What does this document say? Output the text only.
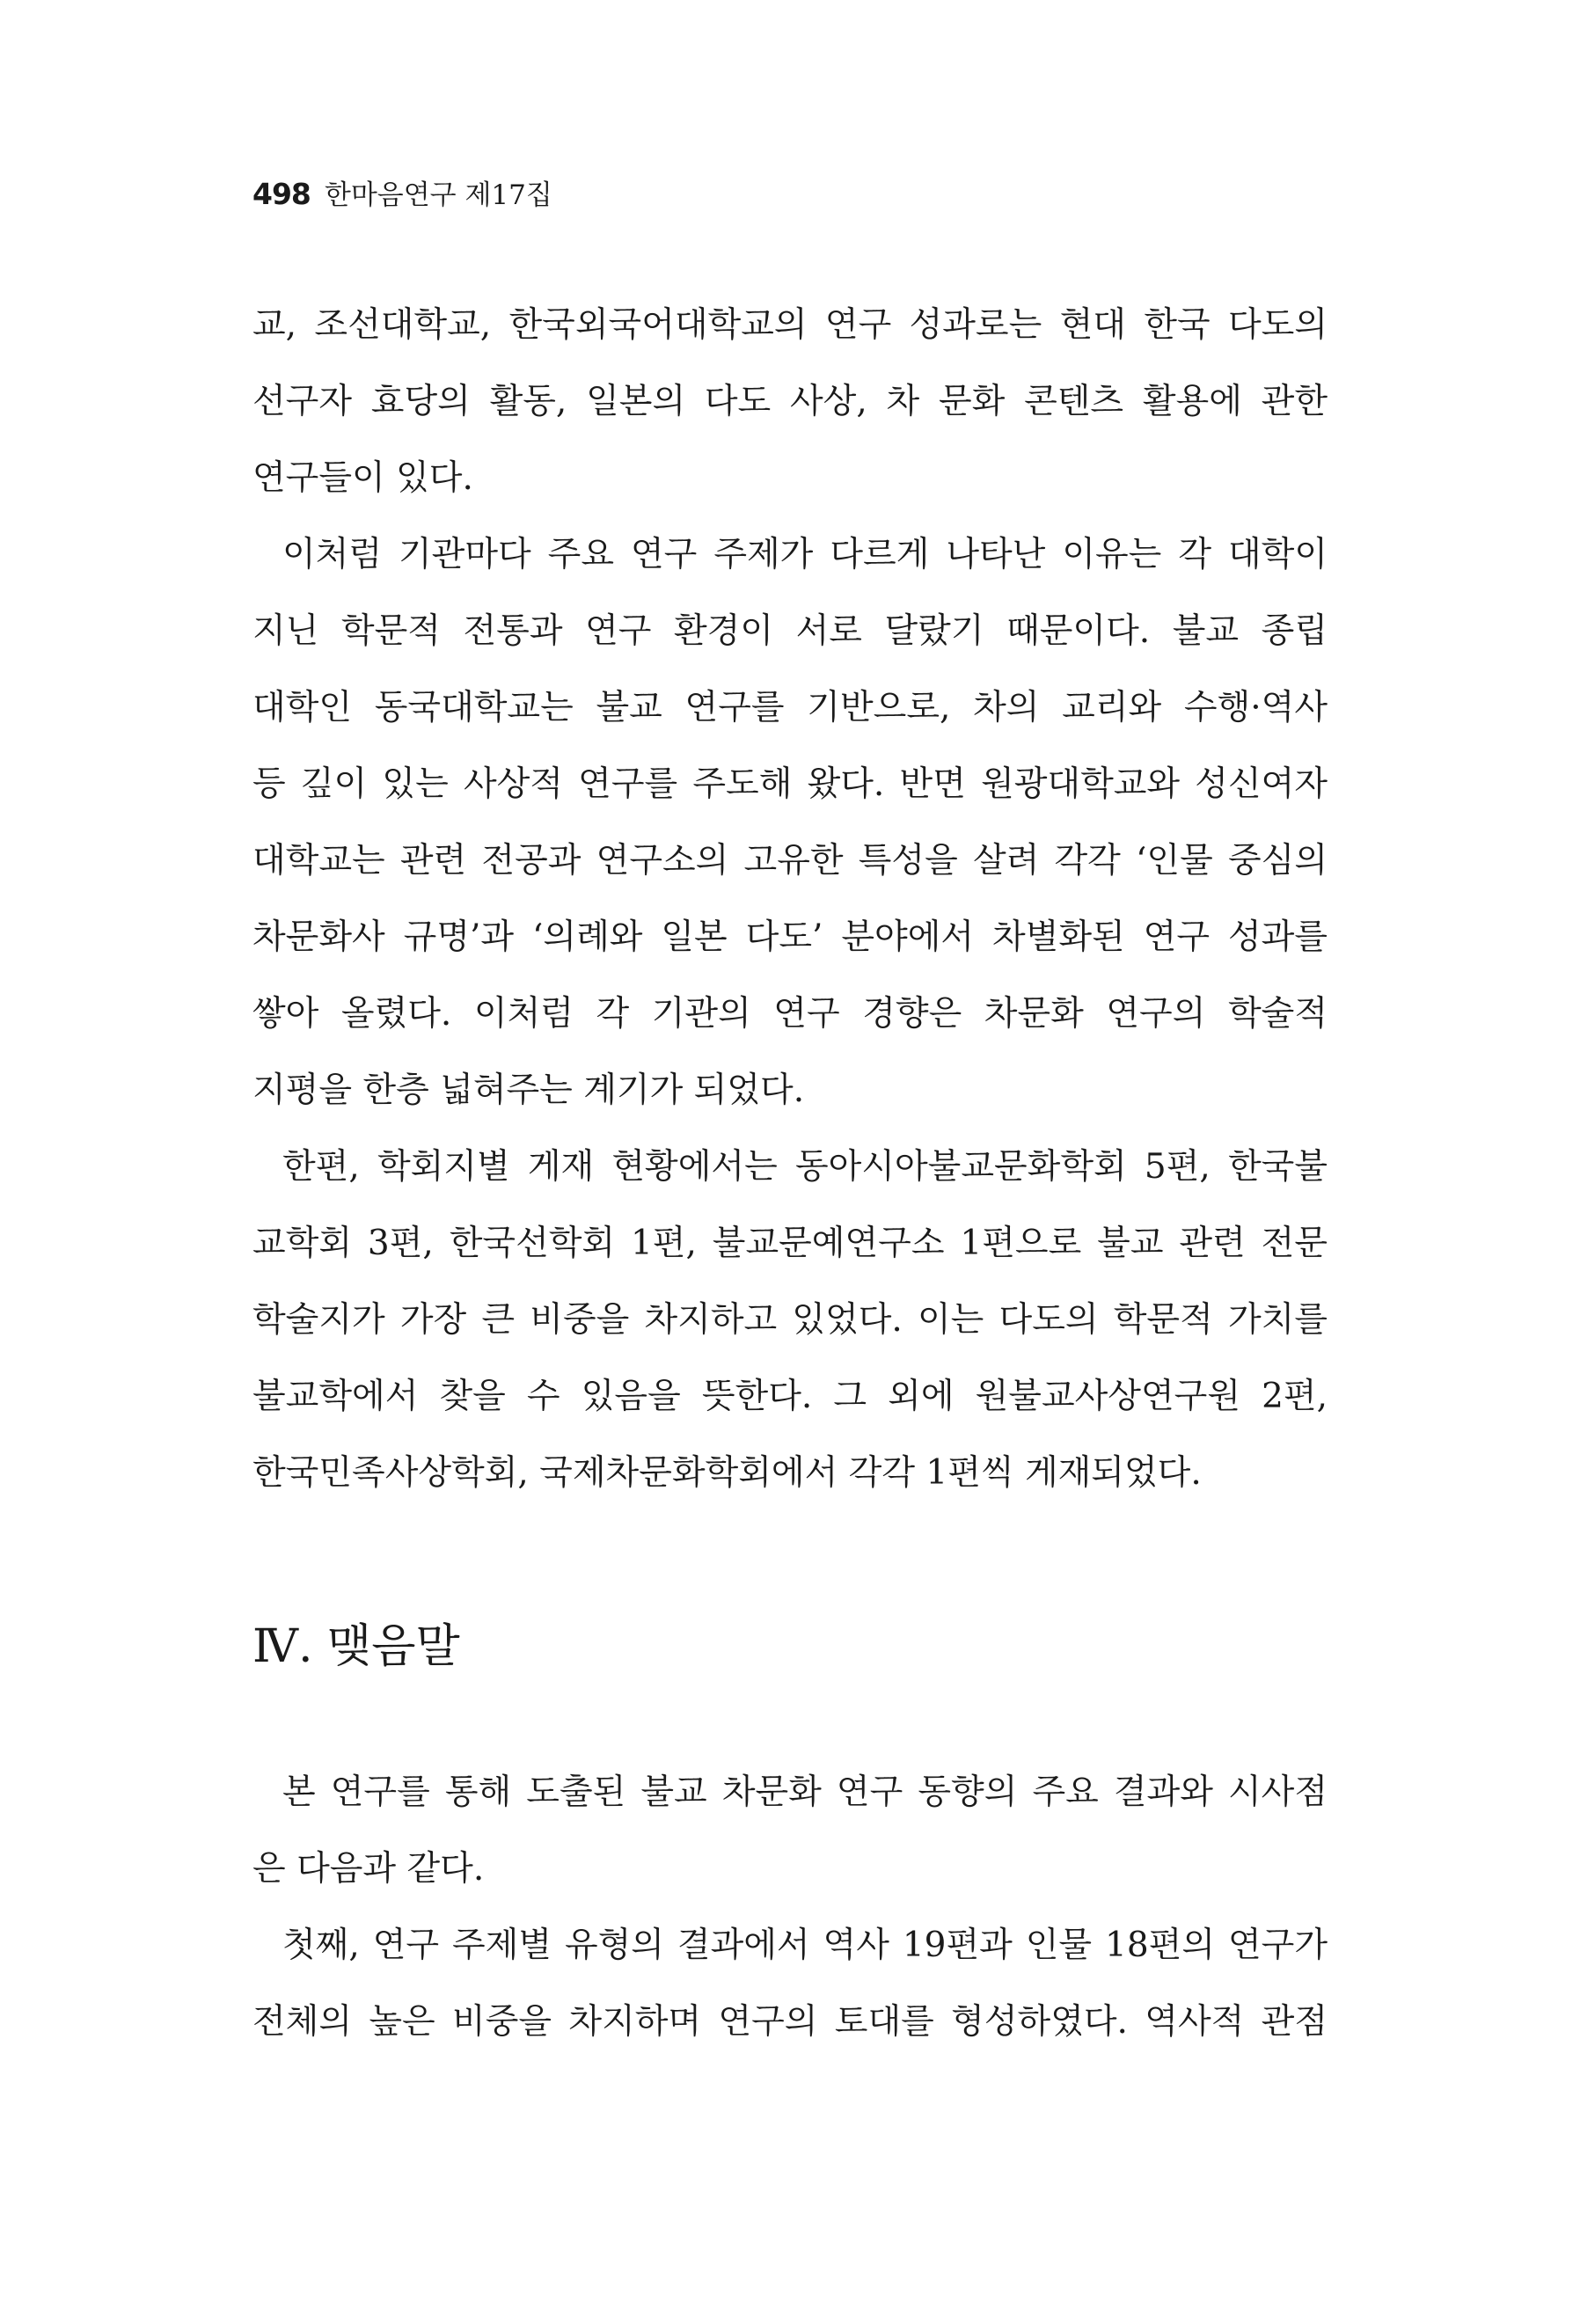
498 한마음연구 제17집
교, 조선대학교, 한국외국어대학교의 연구 성과로는 현대 한국 다도의
선구자 효당의 활동, 일본의 다도 사상, 차 문화 콘텐츠 활용에 관한
연구들이 있다.
이처럼 기관마다 주요 연구 주제가 다르게 나타난 이유는 각 대학이
지닌 학문적 전통과 연구 환경이 서로 달랐기 때문이다. 불교 종립
대학인 동국대학교는 불교 연구를 기반으로, 차의 교리와 수행·역사
등 깊이 있는 사상적 연구를 주도해 왔다. 반면 원광대학교와 성신여자
대학교는 관련 전공과 연구소의 고유한 특성을 살려 각각 ‘인물 중심의
차문화사 규명’과 ‘의례와 일본 다도’ 분야에서 차별화된 연구 성과를
쌓아 올렸다. 이처럼 각 기관의 연구 경향은 차문화 연구의 학술적
지평을 한층 넓혀주는 계기가 되었다.
한편, 학회지별 게재 현황에서는 동아시아불교문화학회 5편, 한국불
교학회 3편, 한국선학회 1편, 불교문예연구소 1편으로 불교 관련 전문
학술지가 가장 큰 비중을 차지하고 있었다. 이는 다도의 학문적 가치를
불교학에서 찾을 수 있음을 뜻한다. 그 외에 원불교사상연구원 2편,
한국민족사상학회, 국제차문화학회에서 각각 1편씩 게재되었다.
Ⅳ. 맺음말
본 연구를 통해 도출된 불교 차문화 연구 동향의 주요 결과와 시사점
은 다음과 같다.
첫째, 연구 주제별 유형의 결과에서 역사 19편과 인물 18편의 연구가
전체의 높은 비중을 차지하며 연구의 토대를 형성하였다. 역사적 관점
